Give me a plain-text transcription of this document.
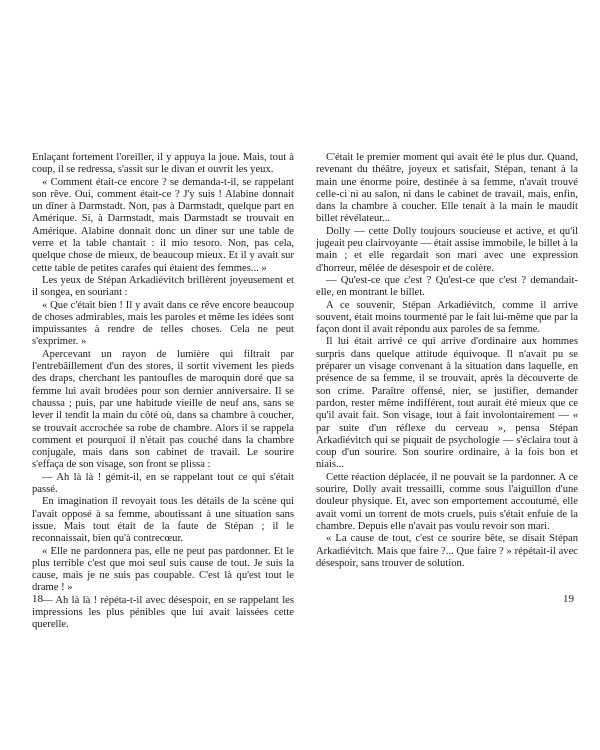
Enlaçant fortement l'oreiller, il y appuya la joue. Mais, tout à coup, il se redressa, s'assit sur le divan et ouvrit les yeux.

« Comment était-ce encore ? se demanda-t-il, se rappelant son rêve. Oui, comment était-ce ? J'y suis ! Alabine donnait un dîner à Darmstadt. Non, pas à Darmstadt, quelque part en Amérique. Si, à Darmstadt, mais Darmstadt se trouvait en Amérique. Alabine donnait donc un dîner sur une table de verre et la table chantait : il mio tesoro. Non, pas cela, quelque chose de mieux, de beaucoup mieux. Et il y avait sur cette table de petites carafes qui étaient des femmes... »

Les yeux de Stépan Arkadiévitch brillèrent joyeusement et il songea, en souriant :

« Que c'était bien ! Il y avait dans ce rêve encore beaucoup de choses admirables, mais les paroles et même les idées sont impuissantes à rendre de telles choses. Cela ne peut s'exprimer. »

Apercevant un rayon de lumière qui filtrait par l'entrebâillement d'un des stores, il sortit vivement les pieds des draps, cherchant les pantoufles de maroquin doré que sa femme lui avait brodées pour son dernier anniversaire. Il se chaussa ; puis, par une habitude vieille de neuf ans, sans se lever il tendit la main du côté où, dans sa chambre à coucher, se trouvait accrochée sa robe de chambre. Alors il se rappela comment et pourquoi il n'était pas couché dans la chambre conjugale, mais dans son cabinet de travail. Le sourire s'effaça de son visage, son front se plissa :

— Ah là là ! gémit-il, en se rappelant tout ce qui s'était passé.

En imagination il revoyait tous les détails de la scène qui l'avait opposé à sa femme, aboutissant à une situation sans issue. Mais tout était de la faute de Stépan ; il le reconnaissait, bien qu'à contrecœur.

« Elle ne pardonnera pas, elle ne peut pas pardonner. Et le plus terrible c'est que moi seul suis cause de tout. Je suis la cause, mais je ne suis pas coupable. C'est là qu'est tout le drame ! »

— Ah là là ! répéta-t-il avec désespoir, en se rappelant les impressions les plus pénibles que lui avait laissées cette querelle.

18

C'était le premier moment qui avait été le plus dur. Quand, revenant du théâtre, joyeux et satisfait, Stépan, tenant à la main une énorme poire, destinée à sa femme, n'avait trouvé celle-ci ni au salon, ni dans le cabinet de travail, mais, enfin, dans la chambre à coucher. Elle tenait à la main le maudit billet révélateur...

Dolly — cette Dolly toujours soucieuse et active, et qu'il jugeait peu clairvoyante — était assise immobile, le billet à la main ; et elle regardait son mari avec une expression d'horreur, mêlée de désespoir et de colère.

— Qu'est-ce que c'est ? Qu'est-ce que c'est ? demandait-elle, en montrant le billet.

A ce souvenir, Stépan Arkadiévitch, comme il arrive souvent, était moins tourmenté par le fait lui-même que par la façon dont il avait répondu aux paroles de sa femme.

Il lui était arrivé ce qui arrive d'ordinaire aux hommes surpris dans quelque attitude équivoque. Il n'avait pu se préparer un visage convenant à la situation dans laquelle, en présence de sa femme, il se trouvait, après la découverte de son crime. Paraître offensé, nier, se justifier, demander pardon, rester même indifférent, tout aurait été mieux que ce qu'il avait fait. Son visage, tout à fait involontairement — « par suite d'un réflexe du cerveau », pensa Stépan Arkadiévitch qui se piquait de psychologie — s'éclaira tout à coup d'un sourire. Son sourire ordinaire, à la fois bon et niais...

Cette réaction déplacée, il ne pouvait se la pardonner. A ce sourire, Dolly avait tressailli, comme sous l'aiguillon d'une douleur physique. Et, avec son emportement accoutumé, elle avait vomi un torrent de mots cruels, puis s'était enfuie de la chambre. Depuis elle n'avait pas voulu revoir son mari.

« La cause de tout, c'est ce sourire bête, se disait Stépan Arkadiévitch. Mais que faire ?... Que faire ? » répétait-il avec désespoir, sans trouver de solution.

19
